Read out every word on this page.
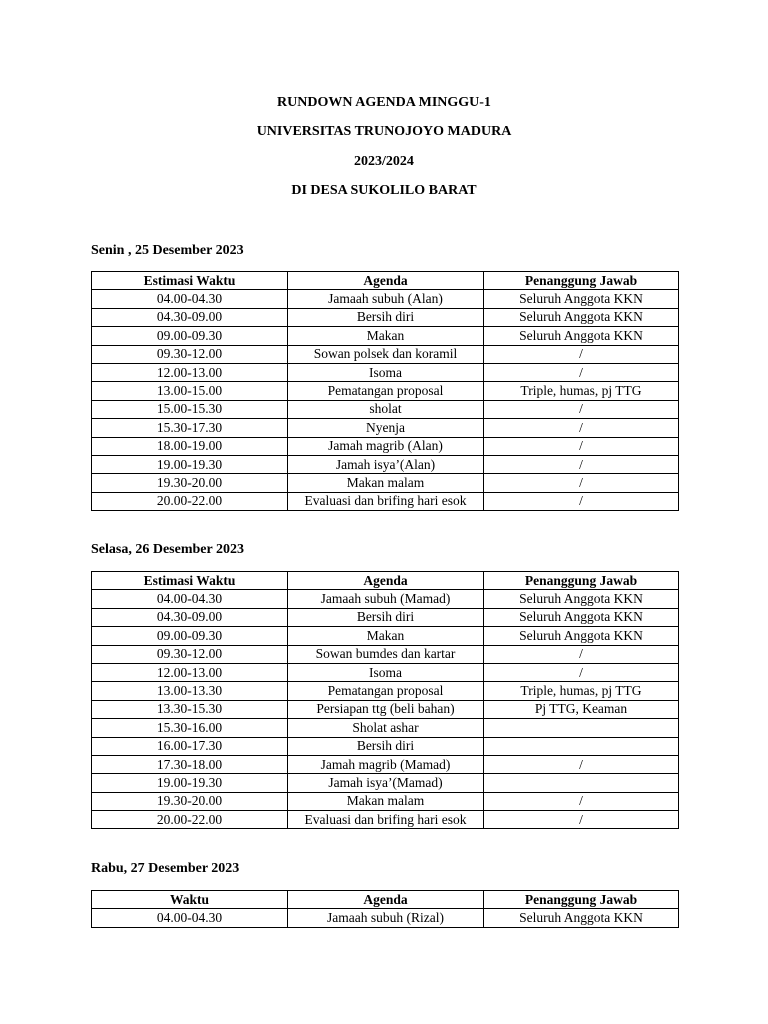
RUNDOWN AGENDA MINGGU-1
UNIVERSITAS TRUNOJOYO MADURA
2023/2024
DI DESA SUKOLILO BARAT
Senin , 25 Desember 2023
Estimasi Waktu	Agenda	Penanggung Jawab
04.00-04.30	Jamaah subuh (Alan)	Seluruh Anggota KKN
04.30-09.00	Bersih diri	Seluruh Anggota KKN
09.00-09.30	Makan	Seluruh Anggota KKN
09.30-12.00	Sowan polsek dan koramil	/
12.00-13.00	Isoma	/
13.00-15.00	Pematangan proposal	Triple, humas, pj TTG
15.00-15.30	sholat	/
15.30-17.30	Nyenja	/
18.00-19.00	Jamah magrib (Alan)	/
19.00-19.30	Jamah isya’(Alan)	/
19.30-20.00	Makan malam	/
20.00-22.00	Evaluasi dan brifing hari esok	/
Selasa, 26 Desember 2023
Estimasi Waktu	Agenda	Penanggung Jawab
04.00-04.30	Jamaah subuh (Mamad)	Seluruh Anggota KKN
04.30-09.00	Bersih diri	Seluruh Anggota KKN
09.00-09.30	Makan	Seluruh Anggota KKN
09.30-12.00	Sowan bumdes dan kartar	/
12.00-13.00	Isoma	/
13.00-13.30	Pematangan proposal	Triple, humas, pj TTG
13.30-15.30	Persiapan ttg (beli bahan)	Pj TTG, Keaman
15.30-16.00	Sholat ashar	
16.00-17.30	Bersih diri	
17.30-18.00	Jamah magrib (Mamad)	/
19.00-19.30	Jamah isya’(Mamad)	
19.30-20.00	Makan malam	/
20.00-22.00	Evaluasi dan brifing hari esok	/
Rabu, 27 Desember 2023
Waktu	Agenda	Penanggung Jawab
04.00-04.30	Jamaah subuh (Rizal)	Seluruh Anggota KKN
